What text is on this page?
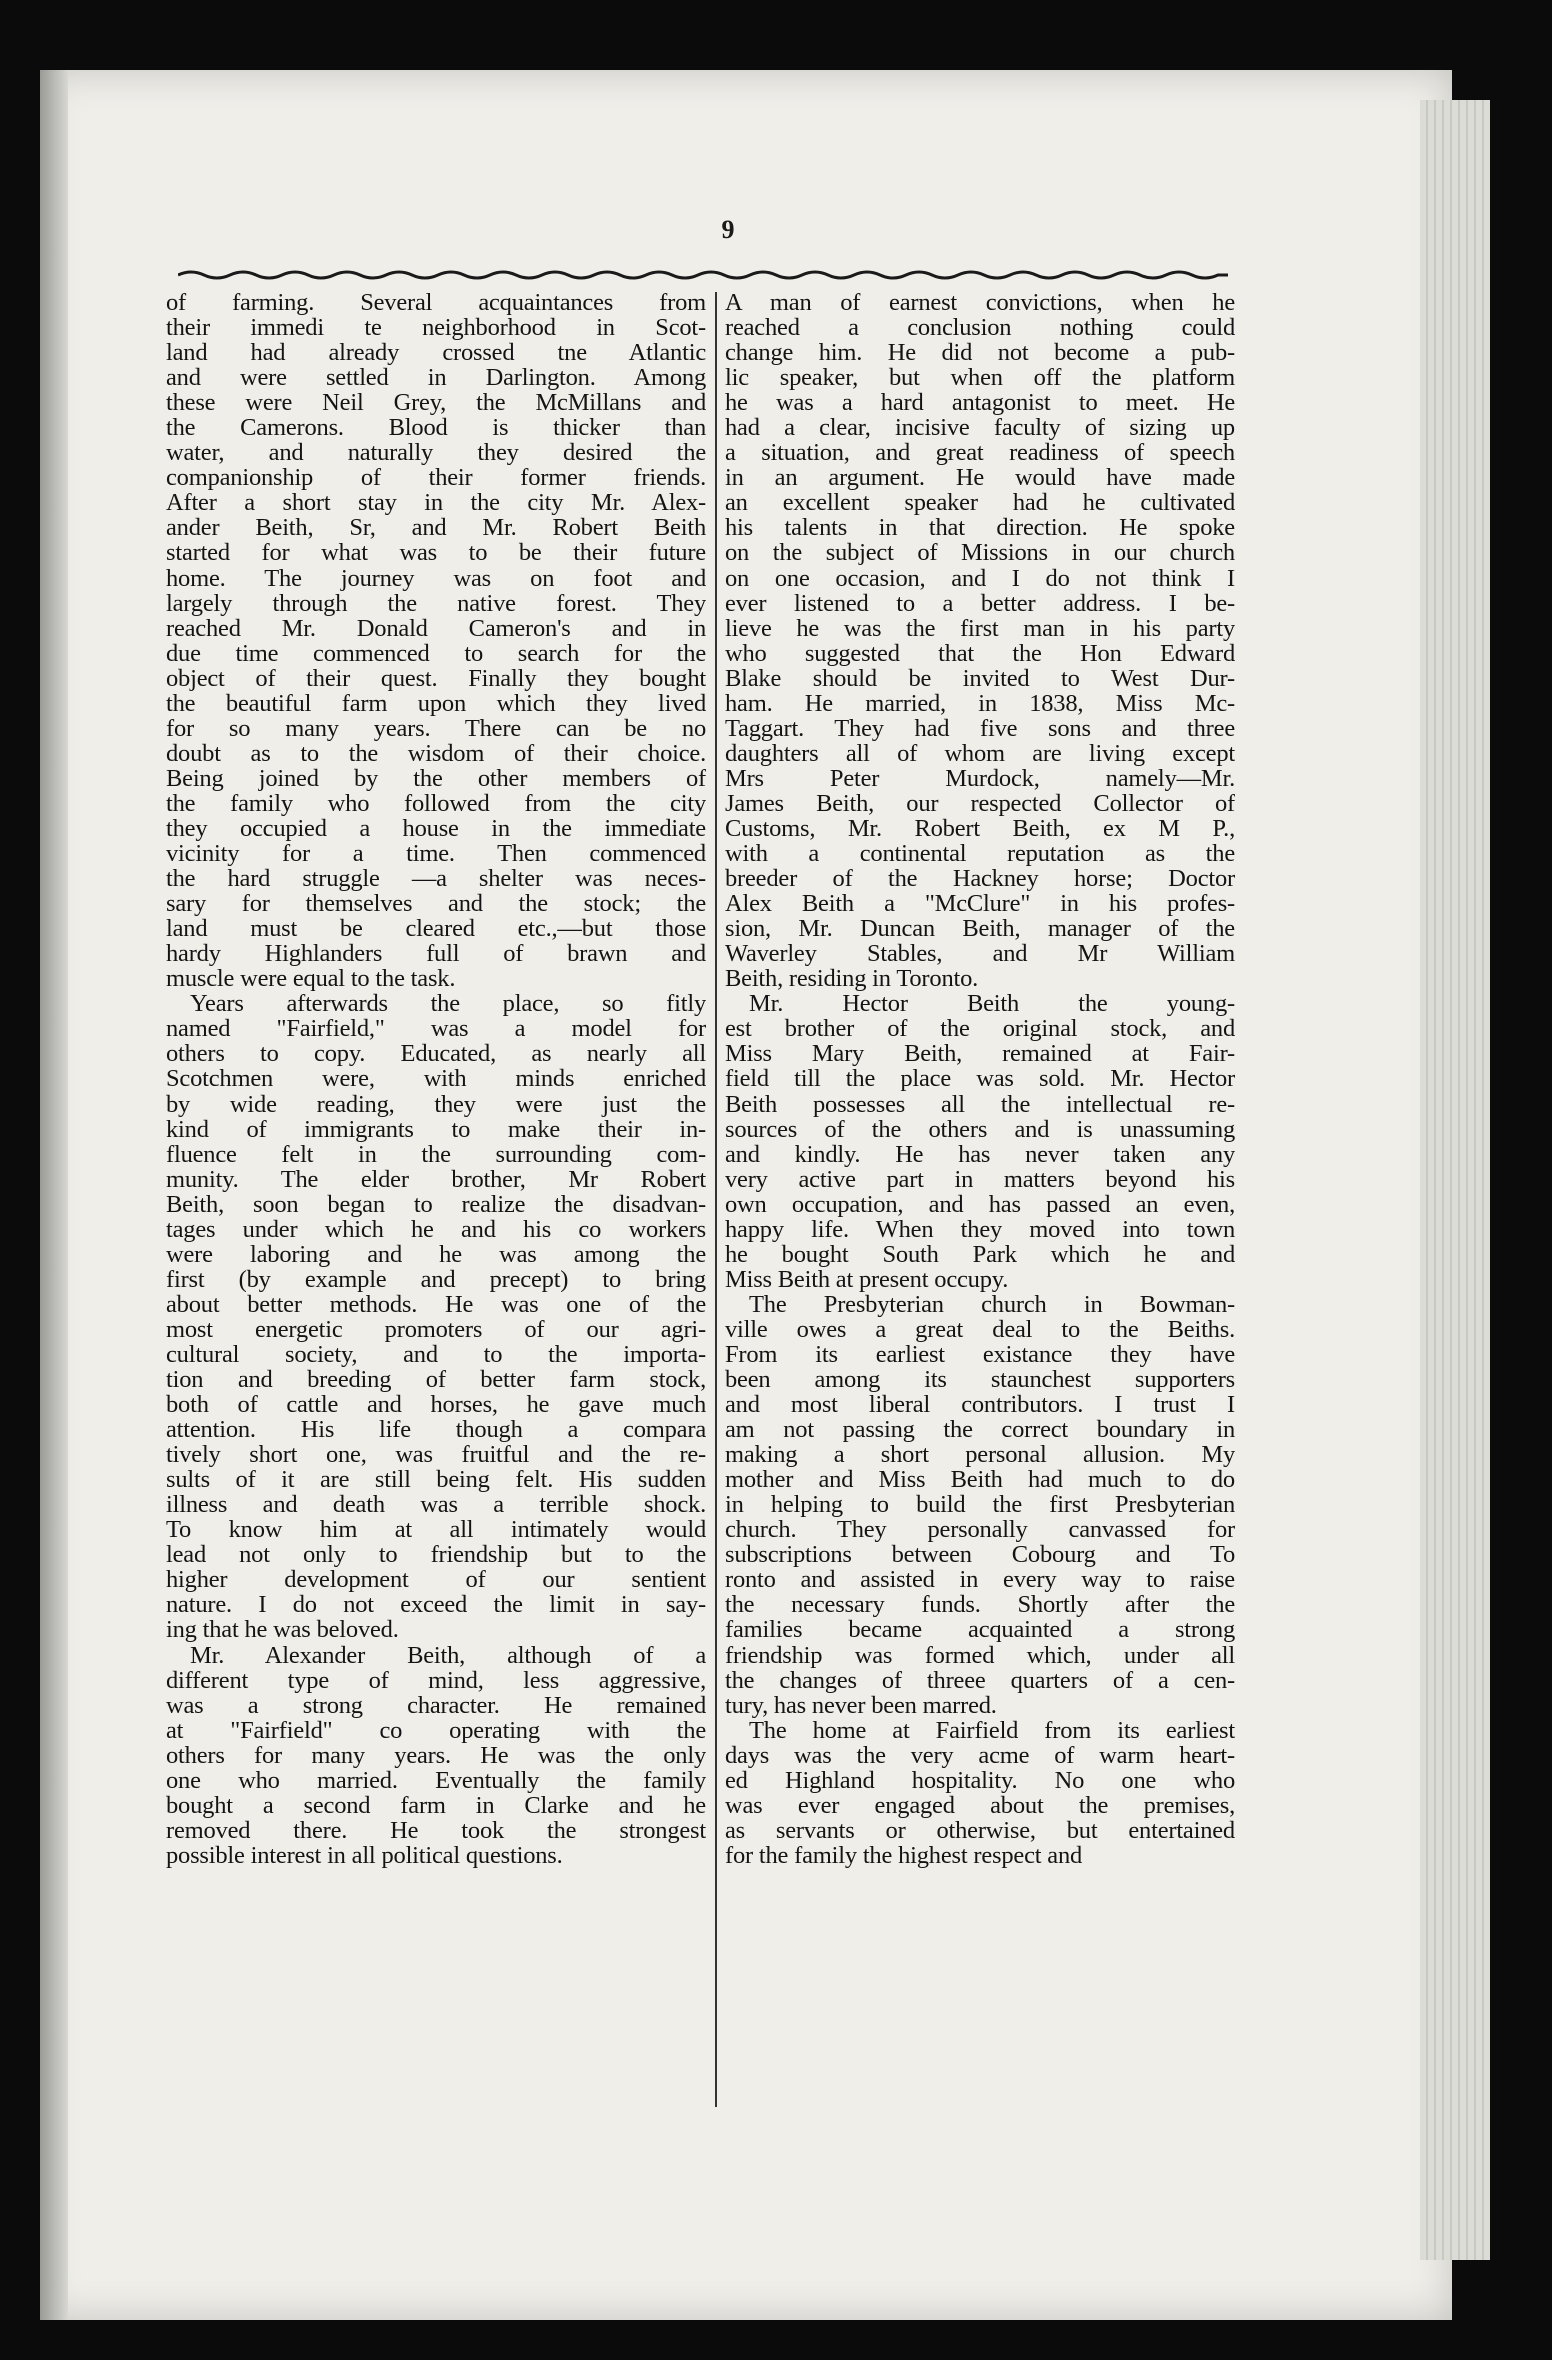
9
of farming. Several acquaintances from
their immedi te neighborhood in Scot-
land had already crossed tne Atlantic
and were settled in Darlington. Among
these were Neil Grey, the McMillans and
the Camerons. Blood is thicker than
water, and naturally they desired the
companionship of their former friends.
After a short stay in the city Mr. Alex-
ander Beith, Sr, and Mr. Robert Beith
started for what was to be their future
home. The journey was on foot and
largely through the native forest. They
reached Mr. Donald Cameron's and in
due time commenced to search for the
object of their quest. Finally they bought
the beautiful farm upon which they lived
for so many years. There can be no
doubt as to the wisdom of their choice.
Being joined by the other members of
the family who followed from the city
they occupied a house in the immediate
vicinity for a time. Then commenced
the hard struggle —a shelter was neces-
sary for themselves and the stock; the
land must be cleared etc.,—but those
hardy Highlanders full of brawn and
muscle were equal to the task.
Years afterwards the place, so fitly
named "Fairfield," was a model for
others to copy. Educated, as nearly all
Scotchmen were, with minds enriched
by wide reading, they were just the
kind of immigrants to make their in-
fluence felt in the surrounding com-
munity. The elder brother, Mr Robert
Beith, soon began to realize the disadvan-
tages under which he and his co workers
were laboring and he was among the
first (by example and precept) to bring
about better methods. He was one of the
most energetic promoters of our agri-
cultural society, and to the importa-
tion and breeding of better farm stock,
both of cattle and horses, he gave much
attention. His life though a compara
tively short one, was fruitful and the re-
sults of it are still being felt. His sudden
illness and death was a terrible shock.
To know him at all intimately would
lead not only to friendship but to the
higher development of our sentient
nature. I do not exceed the limit in say-
ing that he was beloved.
Mr. Alexander Beith, although of a
different type of mind, less aggressive,
was a strong character. He remained
at "Fairfield" co operating with the
others for many years. He was the only
one who married. Eventually the family
bought a second farm in Clarke and he
removed there. He took the strongest
possible interest in all political questions.
A man of earnest convictions, when he
reached a conclusion nothing could
change him. He did not become a pub-
lic speaker, but when off the platform
he was a hard antagonist to meet. He
had a clear, incisive faculty of sizing up
a situation, and great readiness of speech
in an argument. He would have made
an excellent speaker had he cultivated
his talents in that direction. He spoke
on the subject of Missions in our church
on one occasion, and I do not think I
ever listened to a better address. I be-
lieve he was the first man in his party
who suggested that the Hon Edward
Blake should be invited to West Dur-
ham. He married, in 1838, Miss Mc-
Taggart. They had five sons and three
daughters all of whom are living except
Mrs Peter Murdock, namely—Mr.
James Beith, our respected Collector of
Customs, Mr. Robert Beith, ex M P.,
with a continental reputation as the
breeder of the Hackney horse; Doctor
Alex Beith a "McClure" in his profes-
sion, Mr. Duncan Beith, manager of the
Waverley Stables, and Mr William
Beith, residing in Toronto.
Mr. Hector Beith the young-
est brother of the original stock, and
Miss Mary Beith, remained at Fair-
field till the place was sold. Mr. Hector
Beith possesses all the intellectual re-
sources of the others and is unassuming
and kindly. He has never taken any
very active part in matters beyond his
own occupation, and has passed an even,
happy life. When they moved into town
he bought South Park which he and
Miss Beith at present occupy.
The Presbyterian church in Bowman-
ville owes a great deal to the Beiths.
From its earliest existance they have
been among its staunchest supporters
and most liberal contributors. I trust I
am not passing the correct boundary in
making a short personal allusion. My
mother and Miss Beith had much to do
in helping to build the first Presbyterian
church. They personally canvassed for
subscriptions between Cobourg and To
ronto and assisted in every way to raise
the necessary funds. Shortly after the
families became acquainted a strong
friendship was formed which, under all
the changes of threee quarters of a cen-
tury, has never been marred.
The home at Fairfield from its earliest
days was the very acme of warm heart-
ed Highland hospitality. No one who
was ever engaged about the premises,
as servants or otherwise, but entertained
for the family the highest respect and
